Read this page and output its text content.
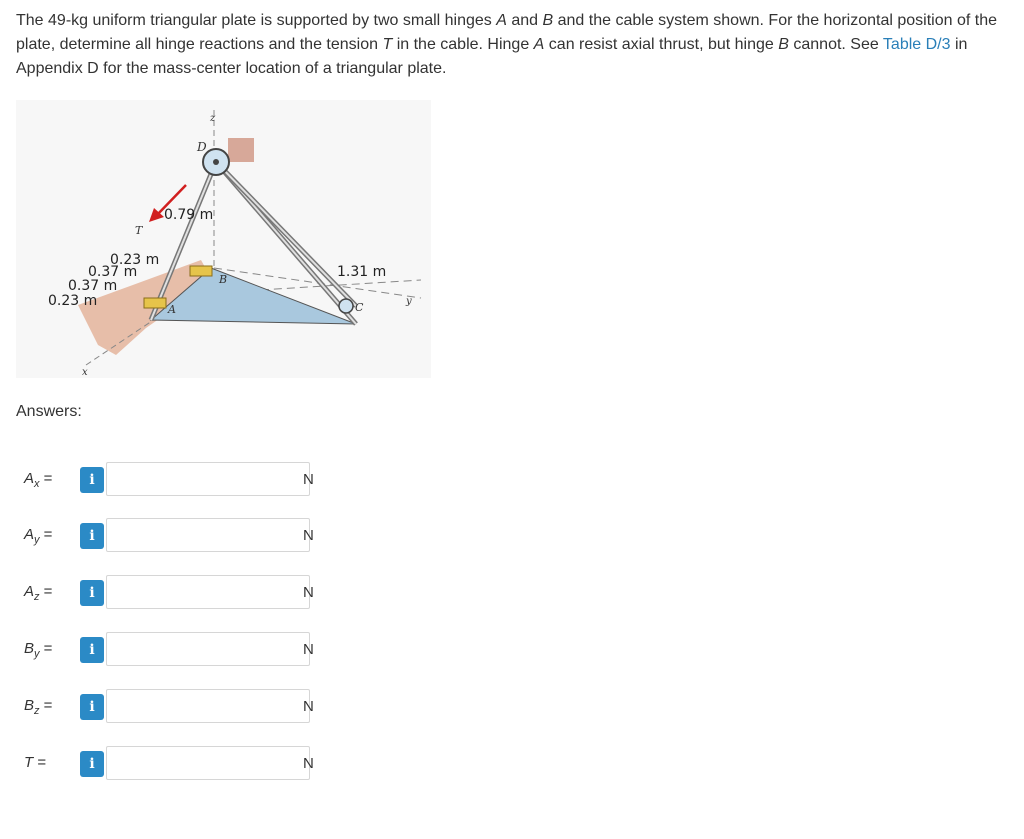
The 49-kg uniform triangular plate is supported by two small hinges A and B and the cable system shown. For the horizontal position of the plate, determine all hinge reactions and the tension T in the cable. Hinge A can resist axial thrust, but hinge B cannot. See Table D/3 in Appendix D for the mass-center location of a triangular plate.

z
D
T
B
A	C
x
y
0.79 m
0.23 m
0.37 m
0.37 m
0.23 m
1.31 m
Answers:
$A_x$ =	i	N
$A_y$ =	i	N
$A_z$ =	i	N
$B_y$ =	i	N
$B_z$ =	i	N
T =	i	N
